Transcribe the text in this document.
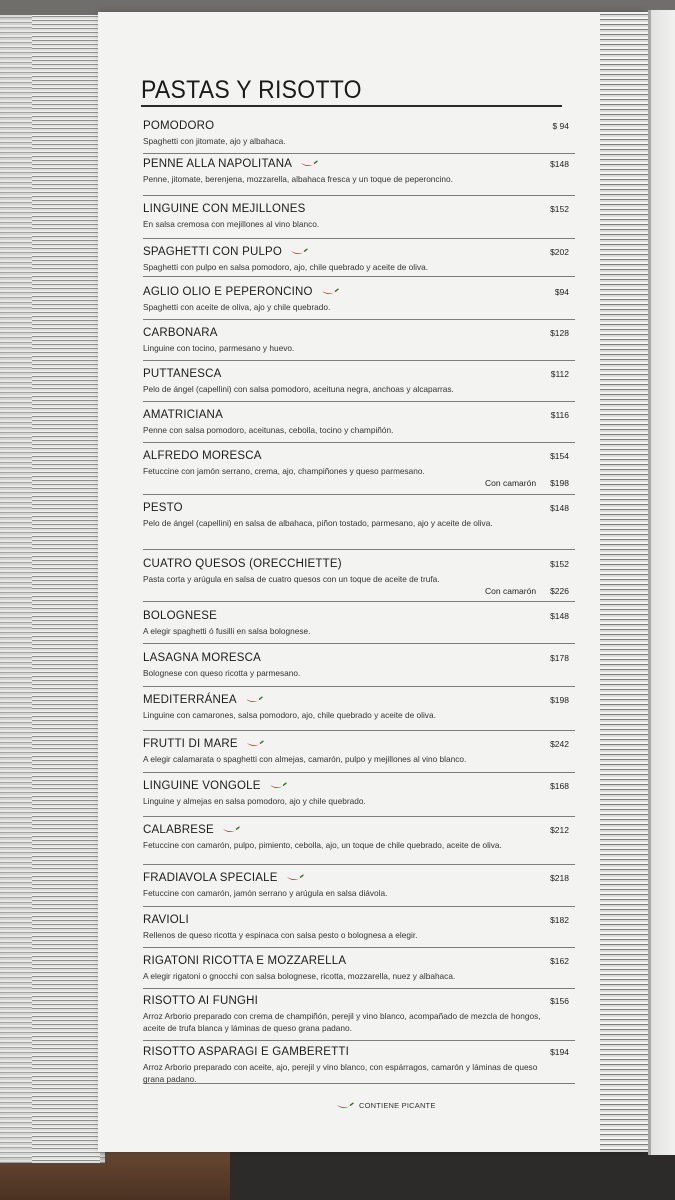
PASTAS Y RISOTTO
POMODORO	$ 94
Spaghetti con jitomate, ajo y albahaca.
PENNE ALLA NAPOLITANA	$148
Penne, jitomate, berenjena, mozzarella, albahaca fresca y un toque de peperoncino.
LINGUINE CON MEJILLONES	$152
En salsa cremosa con mejillones al vino blanco.
SPAGHETTI CON PULPO	$202
Spaghetti con pulpo en salsa pomodoro, ajo, chile quebrado y aceite de oliva.
AGLIO OLIO E PEPERONCINO	$94
Spaghetti con aceite de oliva, ajo y chile quebrado.
CARBONARA	$128
Linguine con tocino, parmesano y huevo.
PUTTANESCA	$112
Pelo de ángel (capellini) con salsa pomodoro, aceituna negra, anchoas y alcaparras.
AMATRICIANA	$116
Penne con salsa pomodoro, aceitunas, cebolla, tocino y champiñón.
ALFREDO MORESCA	$154
Fetuccine con jamón serrano, crema, ajo, champiñones y queso parmesano.
Con camarón $198
PESTO	$148
Pelo de ángel (capellini) en salsa de albahaca, piñon tostado, parmesano, ajo y aceite de oliva.
CUATRO QUESOS (ORECCHIETTE)	$152
Pasta corta y arúgula en salsa de cuatro quesos con un toque de aceite de trufa.
Con camarón $226
BOLOGNESE	$148
A elegir spaghetti ó fusilli en salsa bolognese.
LASAGNA MORESCA	$178
Bolognese con queso ricotta y parmesano.
MEDITERRÁNEA	$198
Linguine con camarones, salsa pomodoro, ajo, chile quebrado y aceite de oliva.
FRUTTI DI MARE	$242
A elegir calamarata o spaghetti con almejas, camarón, pulpo y mejillones al vino blanco.
LINGUINE VONGOLE	$168
Linguine y almejas en salsa pomodoro, ajo y chile quebrado.
CALABRESE	$212
Fetuccine con camarón, pulpo, pimiento, cebolla, ajo, un toque de chile quebrado, aceite de oliva.
FRADIAVOLA SPECIALE	$218
Fetuccine con camarón, jamón serrano y arúgula en salsa diávola.
RAVIOLI	$182
Rellenos de queso ricotta y espinaca con salsa pesto o bolognesa a elegir.
RIGATONI RICOTTA E MOZZARELLA	$162
A elegir rigatoni o gnocchi con salsa bolognese, ricotta, mozzarella, nuez y albahaca.
RISOTTO AI FUNGHI	$156
Arroz Arborio preparado con crema de champiñón, perejil y vino blanco, acompañado de mezcla de hongos, aceite de trufa blanca y láminas de queso grana padano.
RISOTTO ASPARAGI E GAMBERETTI	$194
Arroz Arborio preparado con aceite, ajo, perejil y vino blanco, con espárragos, camarón y láminas de queso grana padano.
CONTIENE PICANTE
